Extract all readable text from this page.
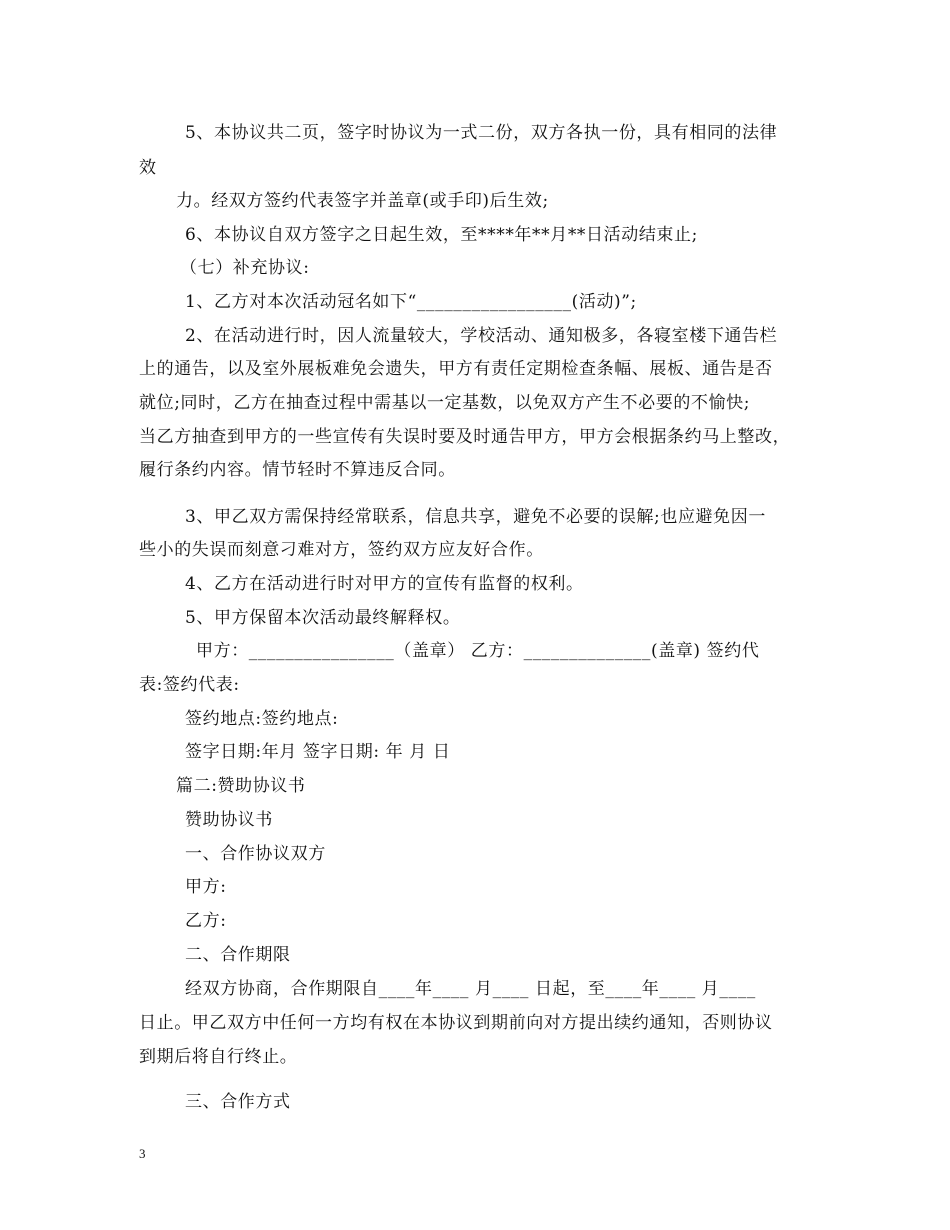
5、本协议共二页，签字时协议为一式二份，双方各执一份，具有相同的法律
效
力。经双方签约代表签字并盖章(或手印)后生效;
6、本协议自双方签字之日起生效，至****年**月**日活动结束止;
（七）补充协议:
1、乙方对本次活动冠名如下“_________________(活动)”;
2、在活动进行时，因人流量较大，学校活动、通知极多，各寝室楼下通告栏
上的通告，以及室外展板难免会遗失，甲方有责任定期检查条幅、展板、通告是否
就位;同时，乙方在抽查过程中需基以一定基数，以免双方产生不必要的不愉快;
当乙方抽查到甲方的一些宣传有失误时要及时通告甲方，甲方会根据条约马上整改，
履行条约内容。情节轻时不算违反合同。
3、甲乙双方需保持经常联系，信息共享，避免不必要的误解;也应避免因一
些小的失误而刻意刁难对方，签约双方应友好合作。
4、乙方在活动进行时对甲方的宣传有监督的权利。
5、甲方保留本次活动最终解释权。
甲方：________________（盖章） 乙方：______________(盖章) 签约代
表:签约代表:
签约地点:签约地点:
签字日期:年月 签字日期: 年 月 日
篇二:赞助协议书
赞助协议书
一、合作协议双方
甲方:
乙方:
二、合作期限
经双方协商，合作期限自____年____ 月____ 日起，至____年____ 月____
日止。甲乙双方中任何一方均有权在本协议到期前向对方提出续约通知，否则协议
到期后将自行终止。
三、合作方式
3
